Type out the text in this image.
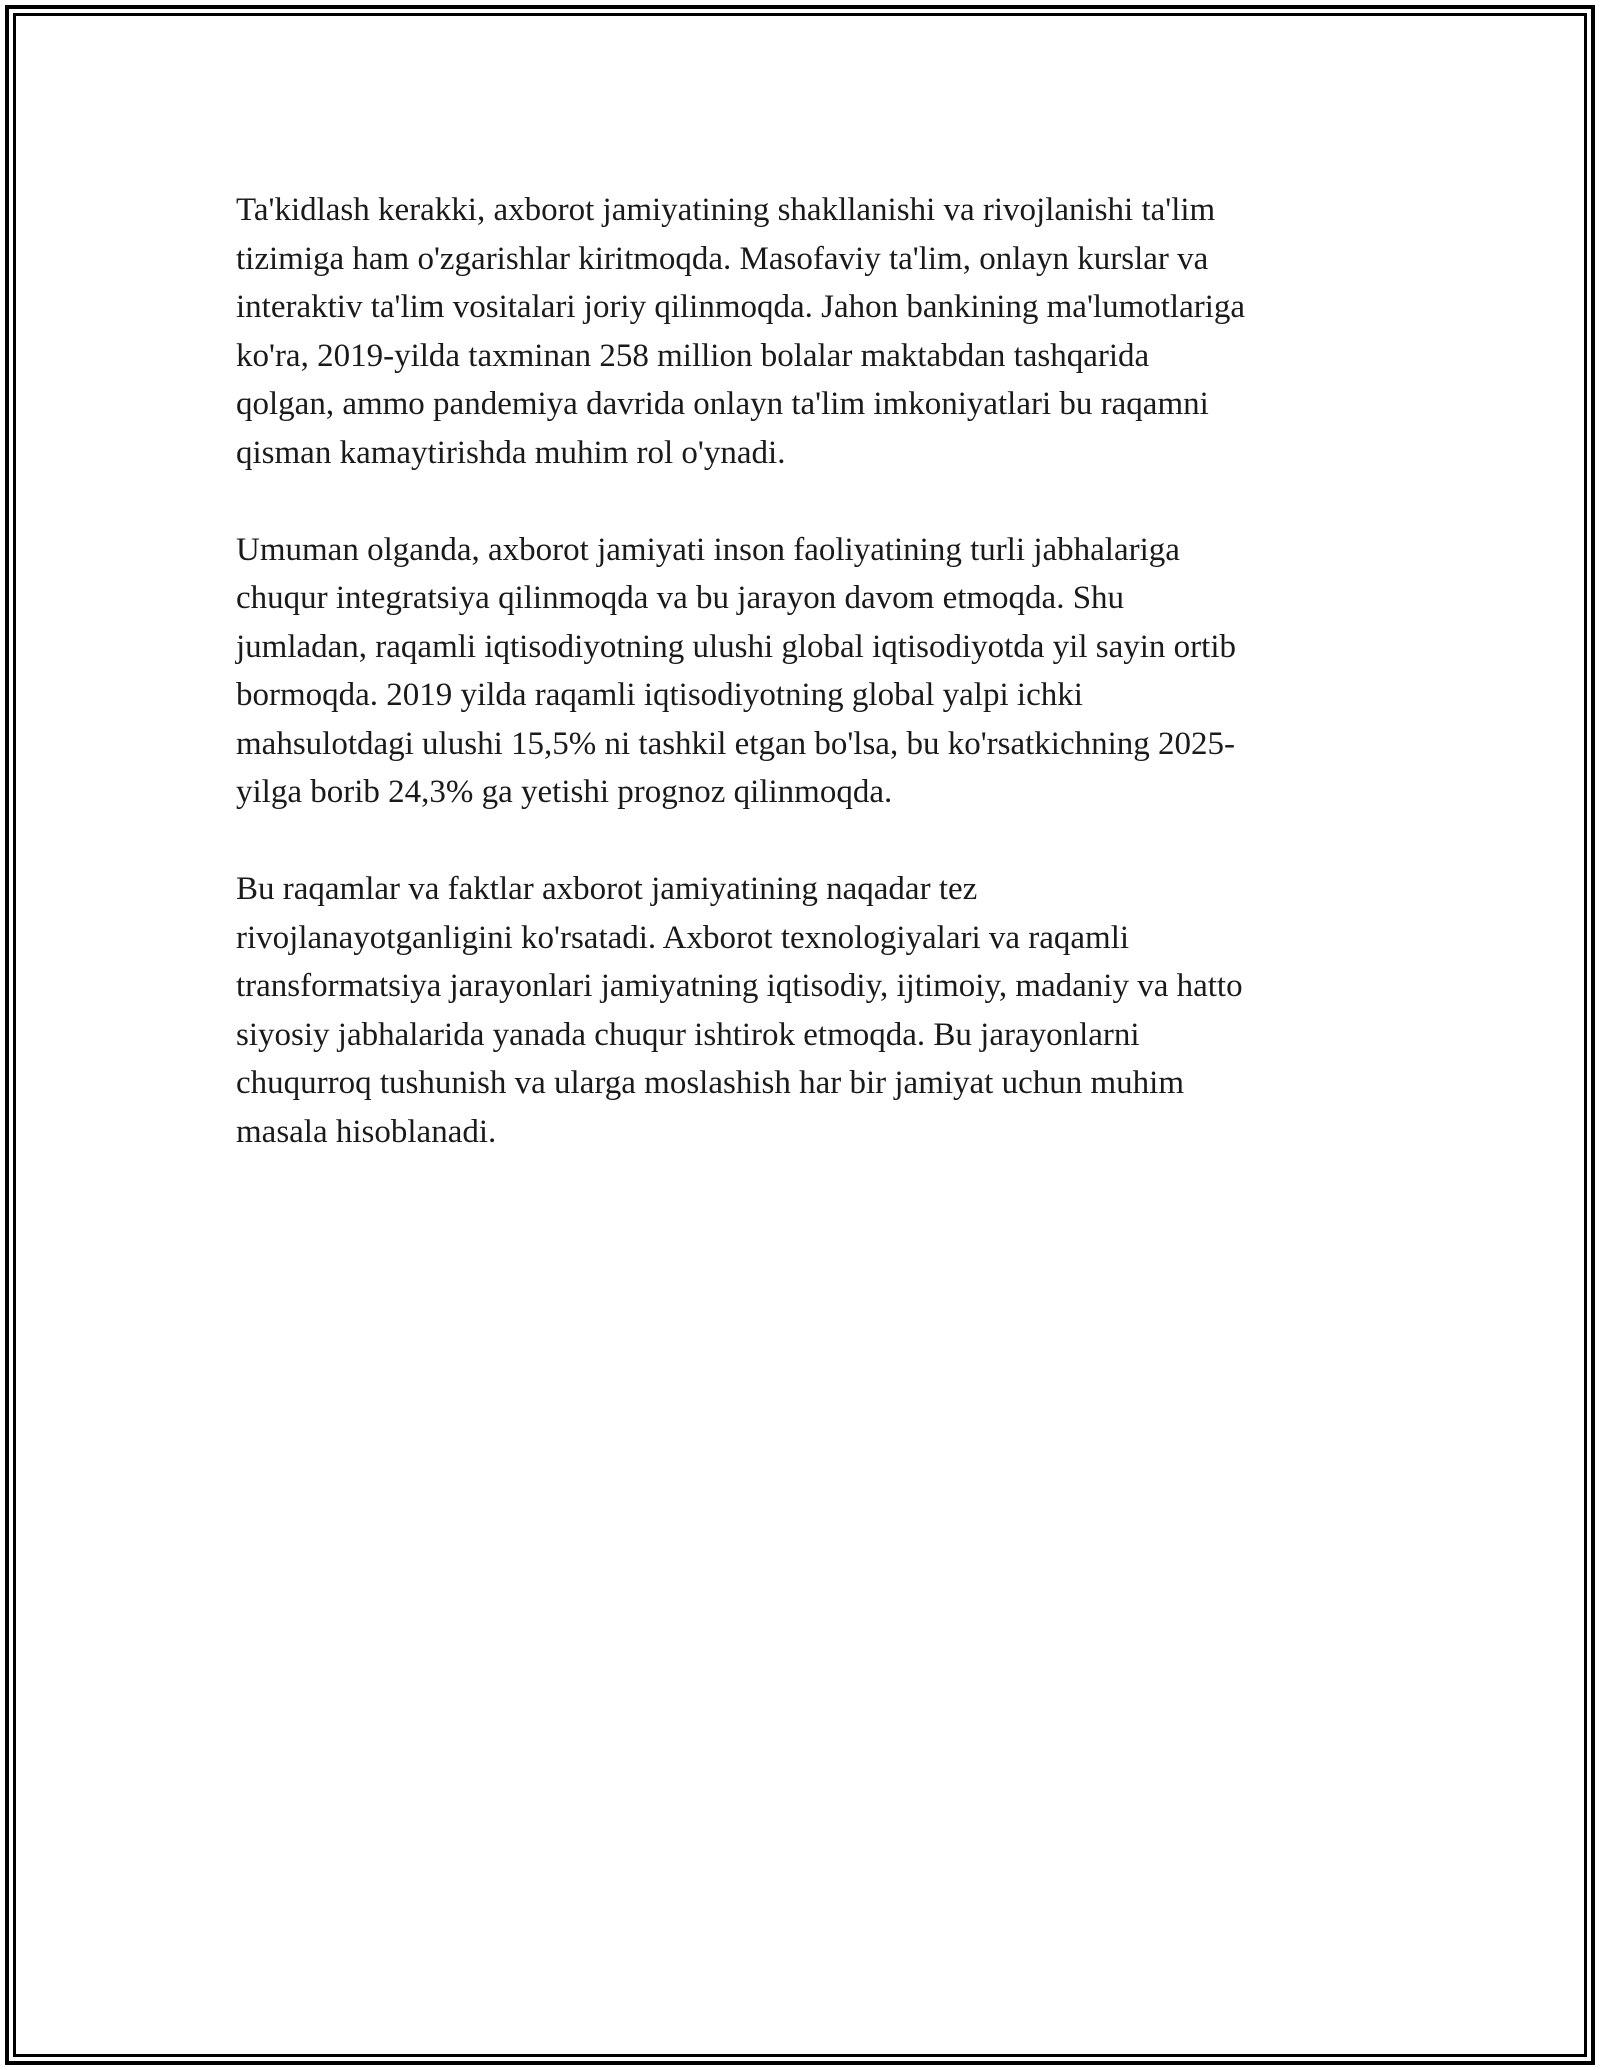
Ta'kidlash kerakki, axborot jamiyatining shakllanishi va rivojlanishi ta'lim
tizimiga ham o'zgarishlar kiritmoqda. Masofaviy ta'lim, onlayn kurslar va
interaktiv ta'lim vositalari joriy qilinmoqda. Jahon bankining ma'lumotlariga
ko'ra, 2019-yilda taxminan 258 million bolalar maktabdan tashqarida
qolgan, ammo pandemiya davrida onlayn ta'lim imkoniyatlari bu raqamni
qisman kamaytirishda muhim rol o'ynadi.

Umuman olganda, axborot jamiyati inson faoliyatining turli jabhalariga
chuqur integratsiya qilinmoqda va bu jarayon davom etmoqda. Shu
jumladan, raqamli iqtisodiyotning ulushi global iqtisodiyotda yil sayin ortib
bormoqda. 2019 yilda raqamli iqtisodiyotning global yalpi ichki
mahsulotdagi ulushi 15,5% ni tashkil etgan bo'lsa, bu ko'rsatkichning 2025-
yilga borib 24,3% ga yetishi prognoz qilinmoqda.

Bu raqamlar va faktlar axborot jamiyatining naqadar tez
rivojlanayotganligini ko'rsatadi. Axborot texnologiyalari va raqamli
transformatsiya jarayonlari jamiyatning iqtisodiy, ijtimoiy, madaniy va hatto
siyosiy jabhalarida yanada chuqur ishtirok etmoqda. Bu jarayonlarni
chuqurroq tushunish va ularga moslashish har bir jamiyat uchun muhim
masala hisoblanadi.
